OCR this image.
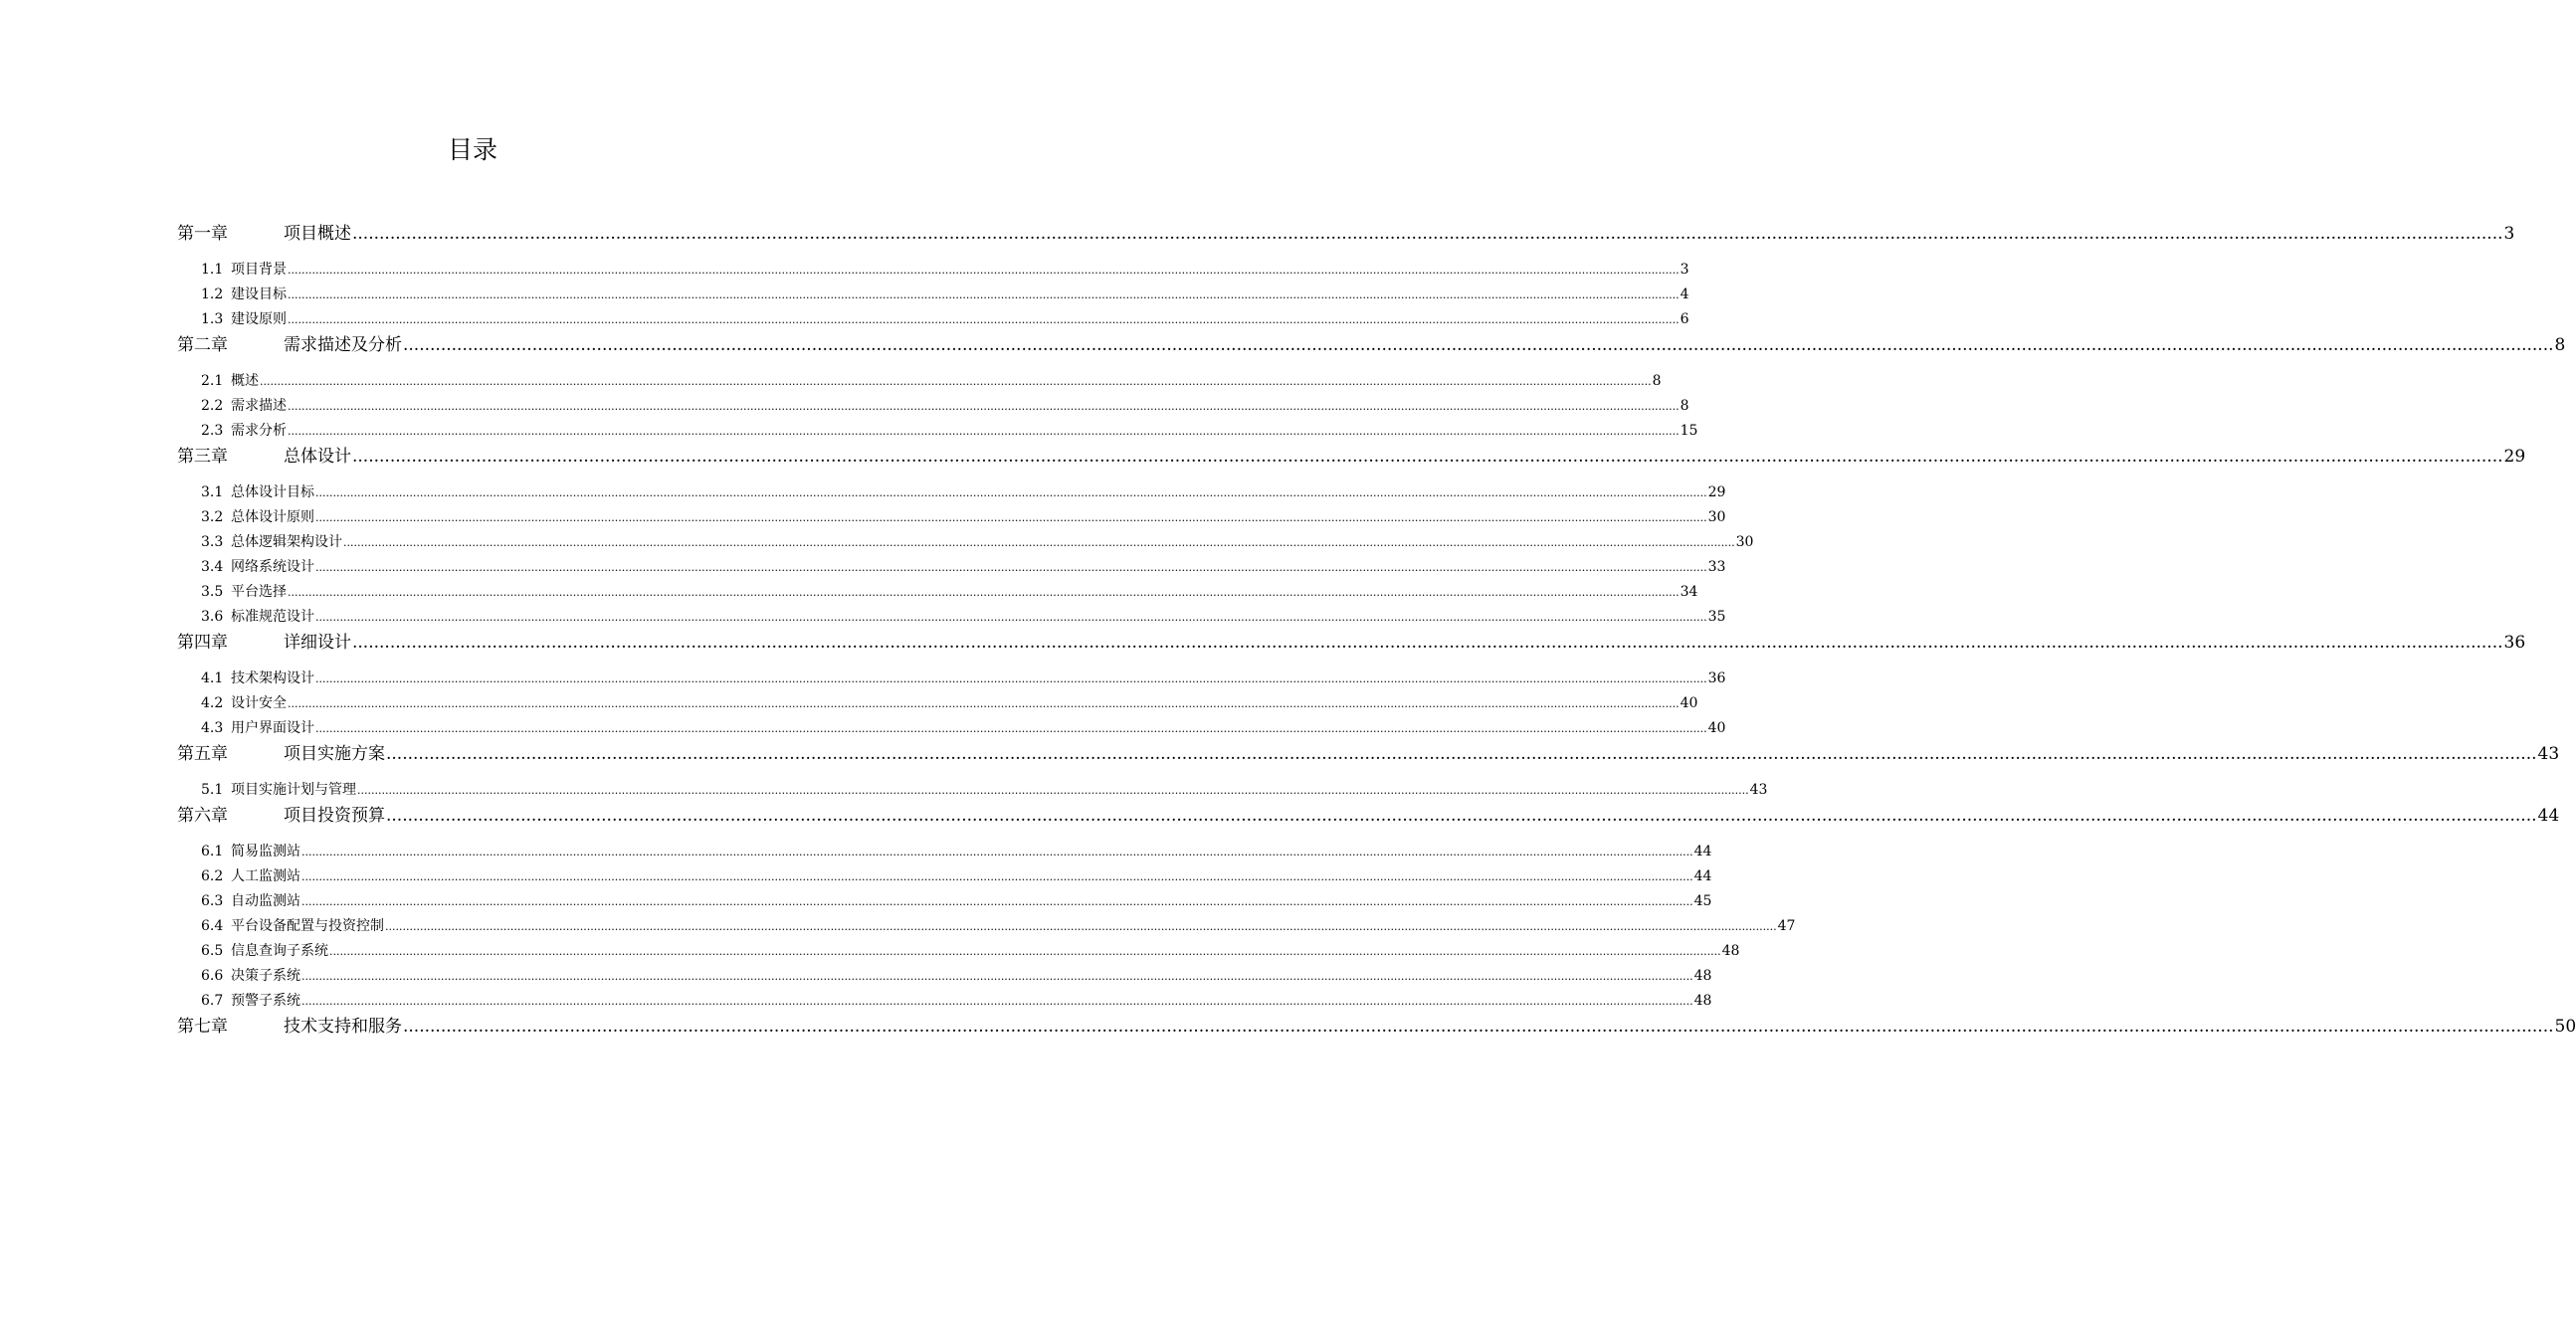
目录
第一章	项目概述 ................................................................................................................................................................................................................................................................................................................................................................................................................ 3
1.1 项目背景 ................................................................................................................................................................................................................................................................................................................................................................................................................ 3
1.2 建设目标 ................................................................................................................................................................................................................................................................................................................................................................................................................ 4
1.3 建设原则 ................................................................................................................................................................................................................................................................................................................................................................................................................ 6
第二章	需求描述及分析 ................................................................................................................................................................................................................................................................................................................................................................................................................ 8
2.1 概述 ................................................................................................................................................................................................................................................................................................................................................................................................................ 8
2.2 需求描述 ................................................................................................................................................................................................................................................................................................................................................................................................................ 8
2.3 需求分析 ................................................................................................................................................................................................................................................................................................................................................................................................................ 15
第三章	总体设计 ................................................................................................................................................................................................................................................................................................................................................................................................................ 29
3.1 总体设计目标 ................................................................................................................................................................................................................................................................................................................................................................................................................ 29
3.2 总体设计原则 ................................................................................................................................................................................................................................................................................................................................................................................................................ 30
3.3 总体逻辑架构设计 ................................................................................................................................................................................................................................................................................................................................................................................................................ 30
3.4 网络系统设计 ................................................................................................................................................................................................................................................................................................................................................................................................................ 33
3.5 平台选择 ................................................................................................................................................................................................................................................................................................................................................................................................................ 34
3.6 标准规范设计 ................................................................................................................................................................................................................................................................................................................................................................................................................ 35
第四章	详细设计 ................................................................................................................................................................................................................................................................................................................................................................................................................ 36
4.1 技术架构设计 ................................................................................................................................................................................................................................................................................................................................................................................................................ 36
4.2 设计安全 ................................................................................................................................................................................................................................................................................................................................................................................................................ 40
4.3 用户界面设计 ................................................................................................................................................................................................................................................................................................................................................................................................................ 40
第五章	项目实施方案 ................................................................................................................................................................................................................................................................................................................................................................................................................ 43
5.1 项目实施计划与管理 ................................................................................................................................................................................................................................................................................................................................................................................................................ 43
第六章	项目投资预算 ................................................................................................................................................................................................................................................................................................................................................................................................................ 44
6.1 简易监测站 ................................................................................................................................................................................................................................................................................................................................................................................................................ 44
6.2 人工监测站 ................................................................................................................................................................................................................................................................................................................................................................................................................ 44
6.3 自动监测站 ................................................................................................................................................................................................................................................................................................................................................................................................................ 45
6.4 平台设备配置与投资控制 ................................................................................................................................................................................................................................................................................................................................................................................................................ 47
6.5 信息查询子系统 ................................................................................................................................................................................................................................................................................................................................................................................................................ 48
6.6 决策子系统 ................................................................................................................................................................................................................................................................................................................................................................................................................ 48
6.7 预警子系统 ................................................................................................................................................................................................................................................................................................................................................................................................................ 48
第七章	技术支持和服务 ................................................................................................................................................................................................................................................................................................................................................................................................................ 50
